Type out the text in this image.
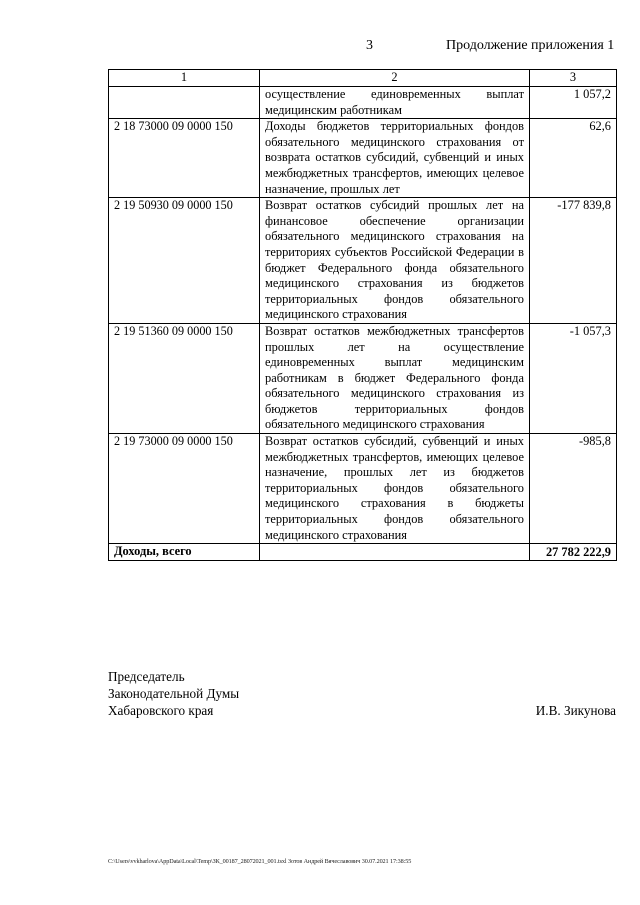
3	Продолжение приложения 1
1	2	3
	осуществление единовременных выплат медицинским работникам	1 057,2
2 18 73000 09 0000 150	Доходы бюджетов территориальных фондов обязательного медицинского страхования от возврата остатков субсидий, субвенций и иных межбюджетных трансфертов, имеющих целевое назначение, прошлых лет	62,6
2 19 50930 09 0000 150	Возврат остатков субсидий прошлых лет на финансовое обеспечение организации обязательного медицинского страхования на территориях субъектов Российской Федерации в бюджет Федерального фонда обязательного медицинского страхования из бюджетов территориальных фондов обязательного медицинского страхования	-177 839,8
2 19 51360 09 0000 150	Возврат остатков межбюджетных трансфертов прошлых лет на осуществление единовременных выплат медицинским работникам в бюджет Федерального фонда обязательного медицинского страхования из бюджетов территориальных фондов обязательного медицинского страхования	-1 057,3
2 19 73000 09 0000 150	Возврат остатков субсидий, субвенций и иных межбюджетных трансфертов, имеющих целевое назначение, прошлых лет из бюджетов территориальных фондов обязательного медицинского страхования в бюджеты территориальных фондов обязательного медицинского страхования	-985,8
Доходы, всего		27 782 222,9
Председатель
Законодательной Думы
Хабаровского края	И.В. Зикунова
C:\Users\vvkharlova\AppData\Local\Temp\ЗК_00187_28072021_001.tsxl Зотов Андрей Вячеславович 30.07.2021 17:38:55
